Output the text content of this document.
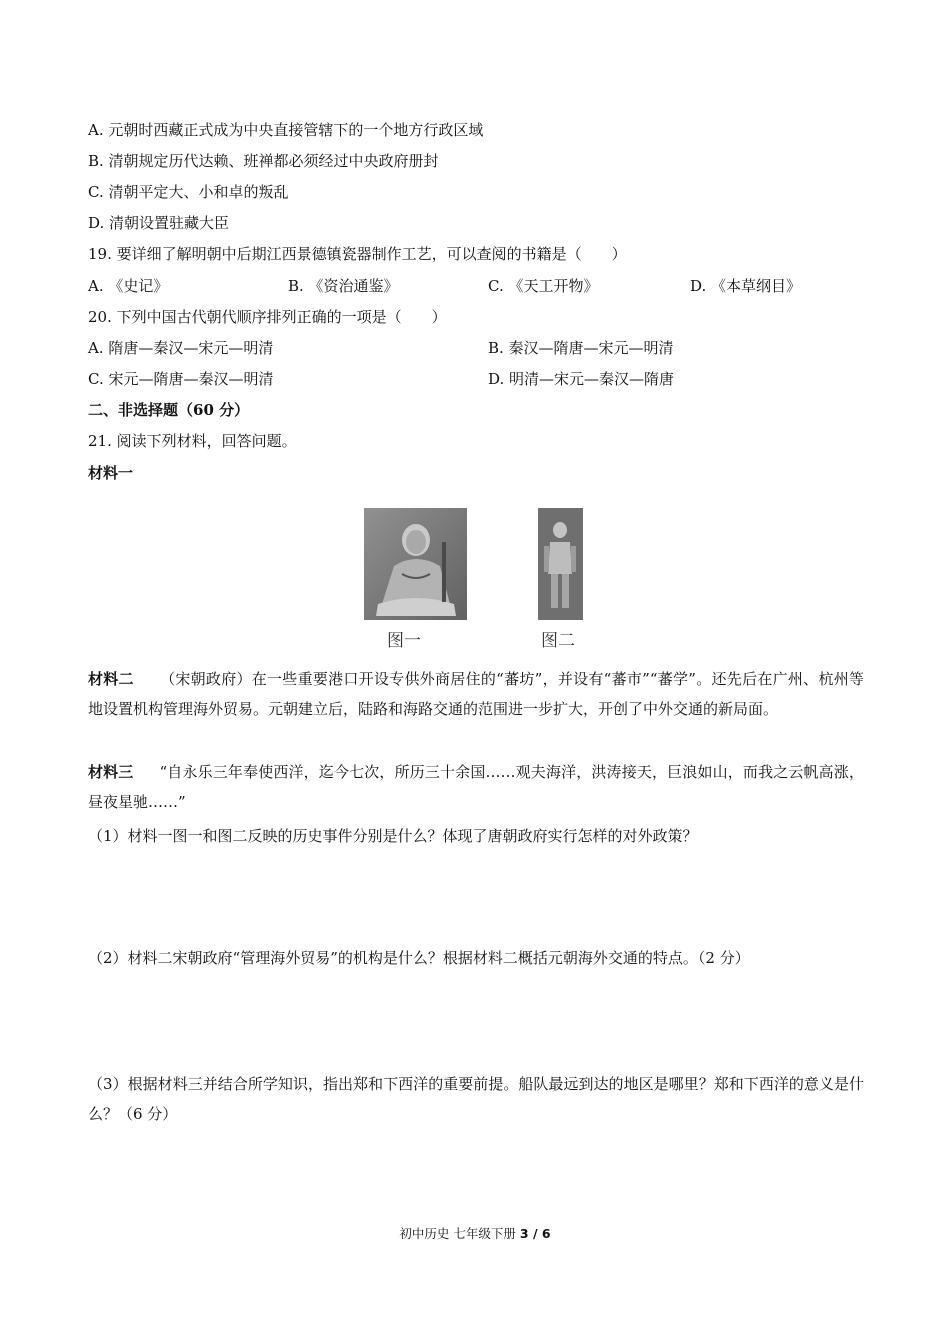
A. 元朝时西藏正式成为中央直接管辖下的一个地方行政区域
B. 清朝规定历代达赖、班禅都必须经过中央政府册封
C. 清朝平定大、小和卓的叛乱
D. 清朝设置驻藏大臣
19. 要详细了解明朝中后期江西景德镇瓷器制作工艺，可以查阅的书籍是（　　）
A. 《史记》	B. 《资治通鉴》	C. 《天工开物》	D. 《本草纲目》
20. 下列中国古代朝代顺序排列正确的一项是（　　）
A. 隋唐—秦汉—宋元—明清	B. 秦汉—隋唐—宋元—明清
C. 宋元—隋唐—秦汉—明清	D. 明清—宋元—秦汉—隋唐
二、非选择题（60 分）
21. 阅读下列材料，回答问题。
材料一
图一	图二
材料二 （宋朝政府）在一些重要港口开设专供外商居住的“蕃坊”，并设有“蕃市”“蕃学”。还先后在广州、杭州等地设置机构管理海外贸易。元朝建立后，陆路和海路交通的范围进一步扩大，开创了中外交通的新局面。
材料三 “自永乐三年奉使西洋，迄今七次，所历三十余国……观夫海洋，洪涛接天，巨浪如山，而我之云帆高涨，昼夜星驰……”
（1）材料一图一和图二反映的历史事件分别是什么？体现了唐朝政府实行怎样的对外政策？
（2）材料二宋朝政府“管理海外贸易”的机构是什么？根据材料二概括元朝海外交通的特点。（2 分）
（3）根据材料三并结合所学知识，指出郑和下西洋的重要前提。船队最远到达的地区是哪里？郑和下西洋的意义是什么？（6 分）
初中历史 七年级下册 3 / 6
